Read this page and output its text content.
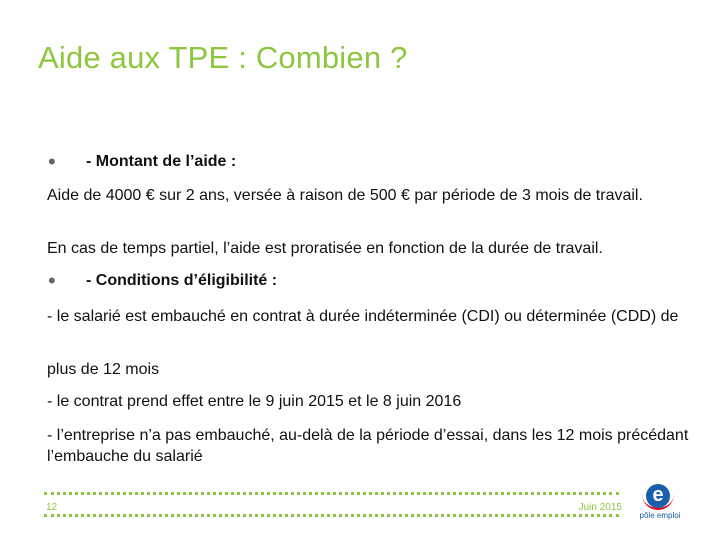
Aide aux TPE : Combien ?
• - Montant de l’aide :
Aide de 4000 € sur 2 ans, versée à raison de 500 € par période de 3 mois de travail.
En cas de temps partiel, l’aide est proratisée en fonction de la durée de travail.
• - Conditions d’éligibilité :
- le salarié est embauché en contrat à durée indéterminée (CDI) ou déterminée (CDD) de
plus de 12 mois
- le contrat prend effet entre le 9 juin 2015 et le 8 juin 2016
- l’entreprise n’a pas embauché, au-delà de la période d’essai, dans les 12 mois précédant l’embauche du salarié
12	Juin 2015
e
pôle emploi
